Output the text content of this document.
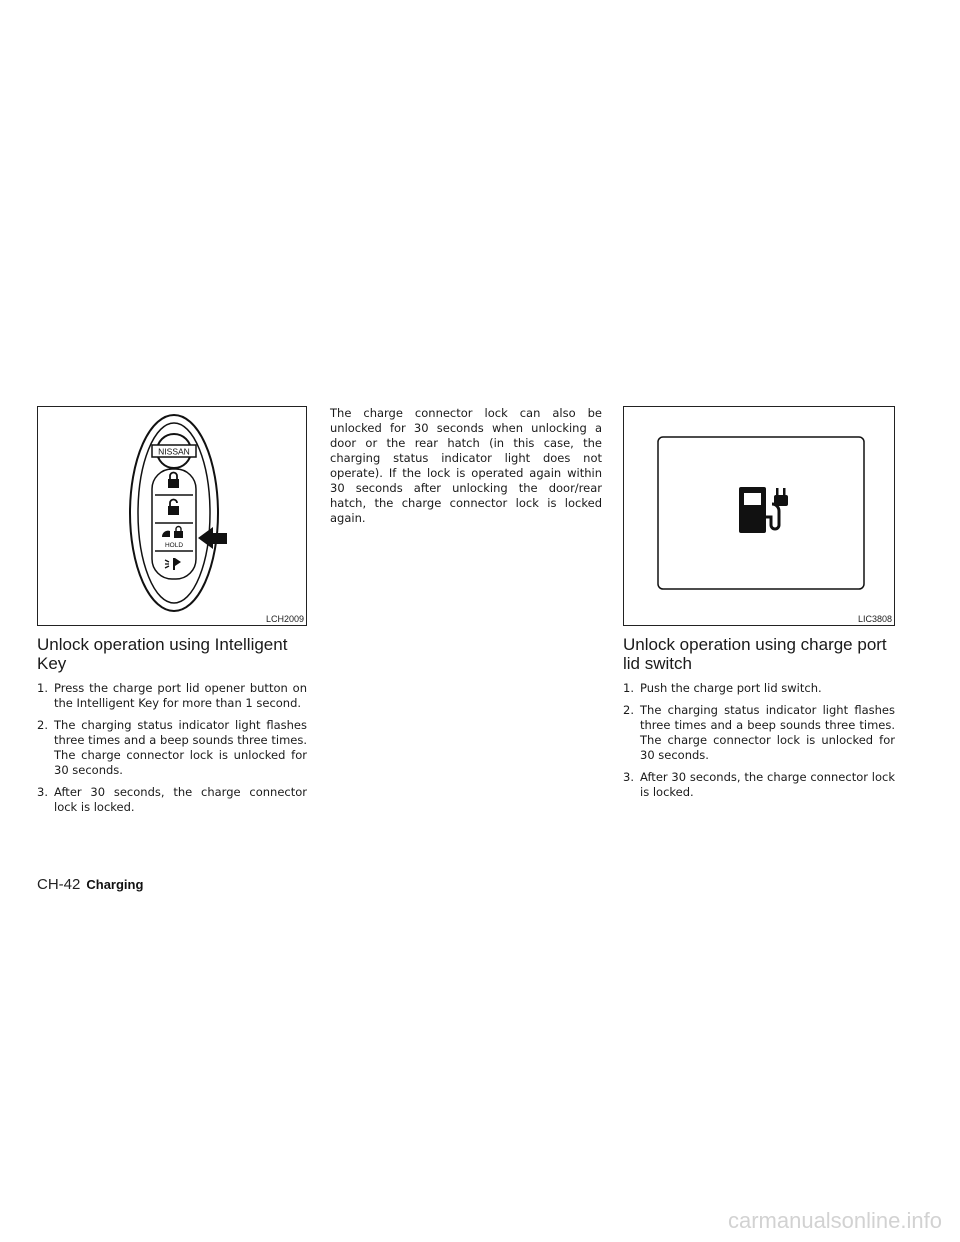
NISSAN
HOLD
LCH2009
Unlock operation using Intelligent Key
1. Press the charge port lid opener button on the Intelligent Key for more than 1 second.
2. The charging status indicator light flashes three times and a beep sounds three times. The charge connector lock is unlocked for 30 seconds.
3. After 30 seconds, the charge connector lock is locked.

The charge connector lock can also be unlocked for 30 seconds when unlocking a door or the rear hatch (in this case, the charging status indicator light does not operate). If the lock is operated again within 30 seconds after unlocking the door/rear hatch, the charge connector lock is locked again.

LIC3808
Unlock operation using charge port lid switch
1. Push the charge port lid switch.
2. The charging status indicator light flashes three times and a beep sounds three times. The charge connector lock is unlocked for 30 seconds.
3. After 30 seconds, the charge connector lock is locked.
CH-42 Charging
carmanualsonline.info
